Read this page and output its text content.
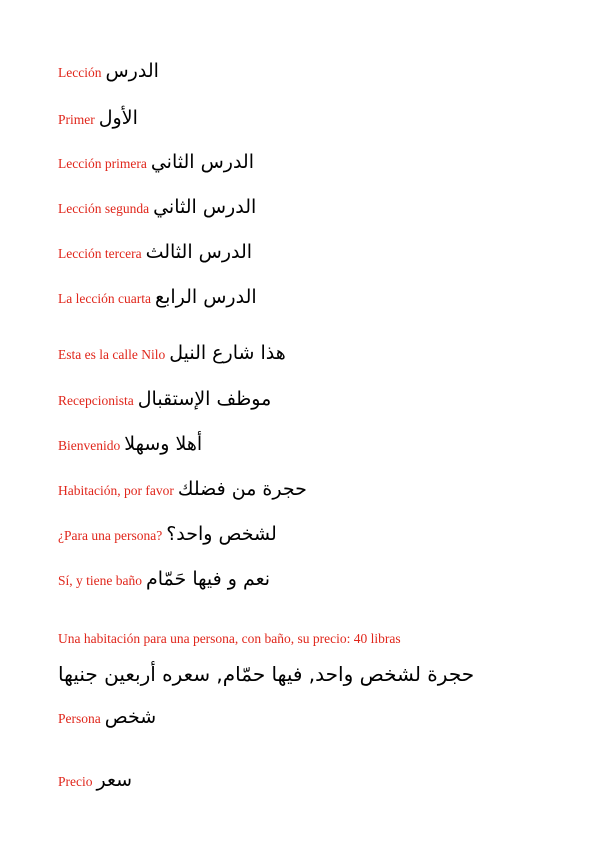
Lección الدرس
Primer الأول
Lección primera الدرس الثاني
Lección segunda الدرس الثاني
Lección tercera الدرس الثالث
La lección cuarta الدرس الرابع
Esta es la calle Nilo هذا شارع النيل
Recepcionista موظف الإستقبال
Bienvenido أهلا وسهلا
Habitación, por favor حجرة من فضلك
¿Para una persona? لشخص واحد؟
Sí, y tiene baño نعم و فيها حَمّام
Una habitación para una persona, con baño, su precio: 40 libras
حجرة لشخص واحد, فيها حمّام, سعره أربعين جنيها
Persona شخص
Precio سعر
